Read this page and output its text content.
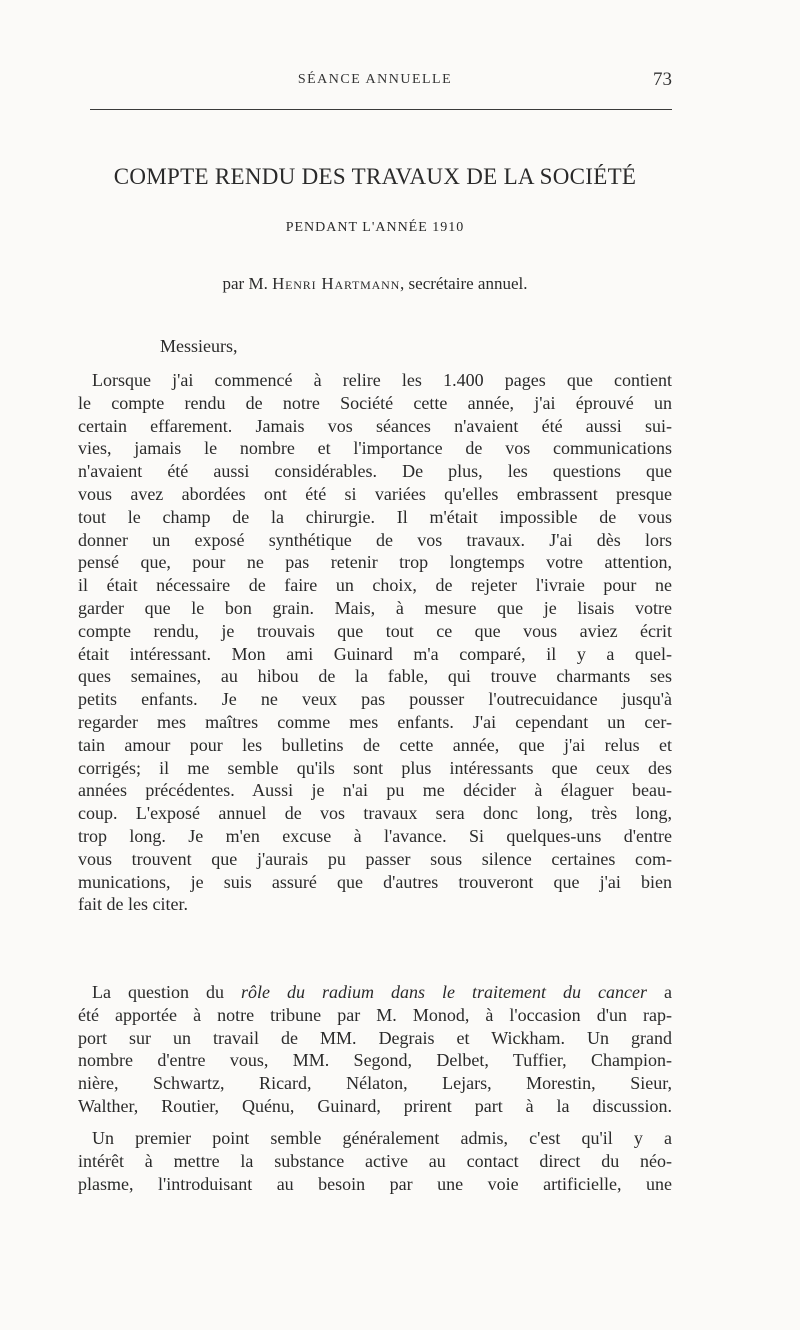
SÉANCE ANNUELLE	73
COMPTE RENDU DES TRAVAUX DE LA SOCIÉTÉ
PENDANT L'ANNÉE 1910
par M. Henri Hartmann, secrétaire annuel.
Messieurs,
Lorsque j'ai commencé à relire les 1.400 pages que contient
le compte rendu de notre Société cette année, j'ai éprouvé un
certain effarement. Jamais vos séances n'avaient été aussi sui-
vies, jamais le nombre et l'importance de vos communications
n'avaient été aussi considérables. De plus, les questions que
vous avez abordées ont été si variées qu'elles embrassent presque
tout le champ de la chirurgie. Il m'était impossible de vous
donner un exposé synthétique de vos travaux. J'ai dès lors
pensé que, pour ne pas retenir trop longtemps votre attention,
il était nécessaire de faire un choix, de rejeter l'ivraie pour ne
garder que le bon grain. Mais, à mesure que je lisais votre
compte rendu, je trouvais que tout ce que vous aviez écrit
était intéressant. Mon ami Guinard m'a comparé, il y a quel-
ques semaines, au hibou de la fable, qui trouve charmants ses
petits enfants. Je ne veux pas pousser l'outrecuidance jusqu'à
regarder mes maîtres comme mes enfants. J'ai cependant un cer-
tain amour pour les bulletins de cette année, que j'ai relus et
corrigés; il me semble qu'ils sont plus intéressants que ceux des
années précédentes. Aussi je n'ai pu me décider à élaguer beau-
coup. L'exposé annuel de vos travaux sera donc long, très long,
trop long. Je m'en excuse à l'avance. Si quelques-uns d'entre
vous trouvent que j'aurais pu passer sous silence certaines com-
munications, je suis assuré que d'autres trouveront que j'ai bien
fait de les citer.
La question du rôle du radium dans le traitement du cancer a
été apportée à notre tribune par M. Monod, à l'occasion d'un rap-
port sur un travail de MM. Degrais et Wickham. Un grand
nombre d'entre vous, MM. Segond, Delbet, Tuffier, Champion-
nière, Schwartz, Ricard, Nélaton, Lejars, Morestin, Sieur,
Walther, Routier, Quénu, Guinard, prirent part à la discussion.
Un premier point semble généralement admis, c'est qu'il y a
intérêt à mettre la substance active au contact direct du néo-
plasme, l'introduisant au besoin par une voie artificielle, une
